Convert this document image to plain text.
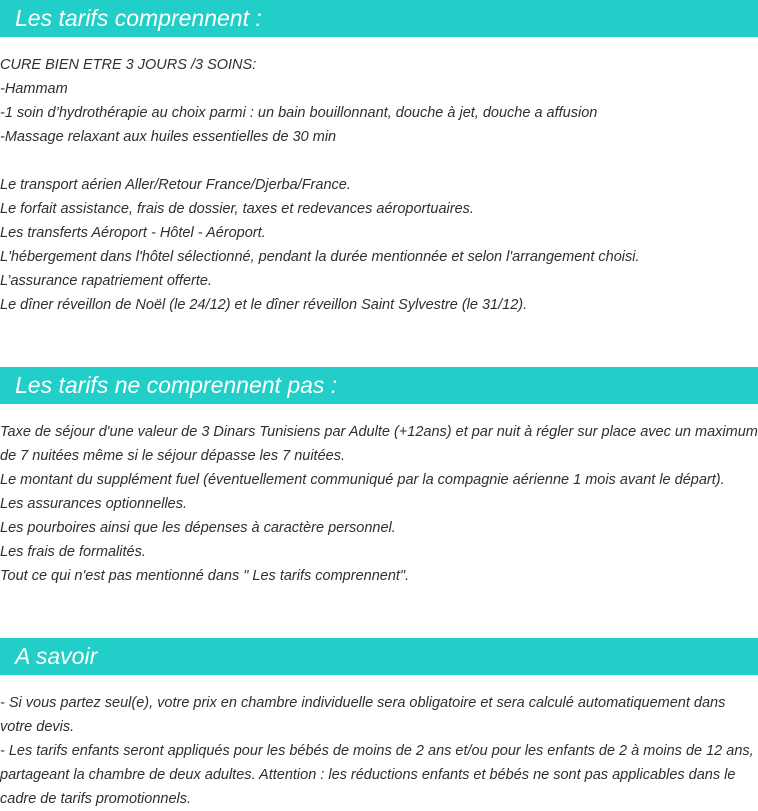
Les tarifs comprennent :
CURE BIEN ETRE 3 JOURS /3 SOINS:
-Hammam
-1 soin d’hydrothérapie au choix parmi : un bain bouillonnant, douche à jet, douche a affusion
-Massage relaxant aux huiles essentielles de 30 min
Le transport aérien Aller/Retour France/Djerba/France.
Le forfait assistance, frais de dossier, taxes et redevances aéroportuaires.
Les transferts Aéroport - Hôtel - Aéroport.
L'hébergement dans l'hôtel sélectionné, pendant la durée mentionnée et selon l'arrangement choisi.
L’assurance rapatriement offerte.
Le dîner réveillon de Noël (le 24/12) et le dîner réveillon Saint Sylvestre (le 31/12).
Les tarifs ne comprennent pas :
Taxe de séjour d'une valeur de 3 Dinars Tunisiens par Adulte (+12ans) et par nuit à régler sur place avec un maximum de 7 nuitées même si le séjour dépasse les 7 nuitées.
Le montant du supplément fuel (éventuellement communiqué par la compagnie aérienne 1 mois avant le départ).
Les assurances optionnelles.
Les pourboires ainsi que les dépenses à caractère personnel.
Les frais de formalités.
Tout ce qui n'est pas mentionné dans " Les tarifs comprennent".
A savoir
- Si vous partez seul(e), votre prix en chambre individuelle sera obligatoire et sera calculé automatiquement dans votre devis.
- Les tarifs enfants seront appliqués pour les bébés de moins de 2 ans et/ou pour les enfants de 2 à moins de 12 ans, partageant la chambre de deux adultes. Attention : les réductions enfants et bébés ne sont pas applicables dans le cadre de tarifs promotionnels.
